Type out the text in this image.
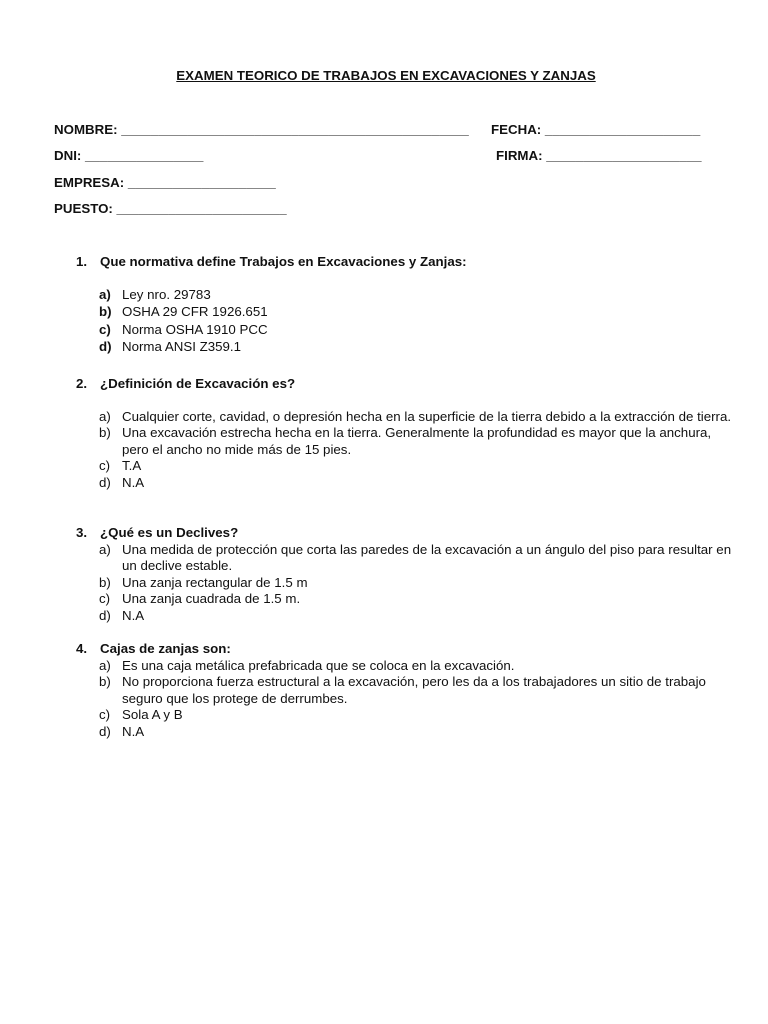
EXAMEN TEORICO DE TRABAJOS EN EXCAVACIONES Y ZANJAS
NOMBRE: _______________________________________________ FECHA: _____________________
DNI: ________________	FIRMA: _____________________
EMPRESA: ____________________
PUESTO: _______________________
1. Que normativa define Trabajos en Excavaciones y Zanjas:
a) Ley nro. 29783
b) OSHA 29 CFR 1926.651
c) Norma OSHA 1910 PCC
d) Norma ANSI Z359.1
2. ¿Definición de Excavación es?
a) Cualquier corte, cavidad, o depresión hecha en la superficie de la tierra debido a la extracción de tierra.
b) Una excavación estrecha hecha en la tierra. Generalmente la profundidad es mayor que la anchura, pero el ancho no mide más de 15 pies.
c) T.A
d) N.A
3. ¿Qué es un Declives?
a) Una medida de protección que corta las paredes de la excavación a un ángulo del piso para resultar en un declive estable.
b) Una zanja rectangular de 1.5 m
c) Una zanja cuadrada de 1.5 m.
d) N.A
4. Cajas de zanjas son:
a) Es una caja metálica prefabricada que se coloca en la excavación.
b) No proporciona fuerza estructural a la excavación, pero les da a los trabajadores un sitio de trabajo seguro que los protege de derrumbes.
c) Sola A y B
d) N.A
